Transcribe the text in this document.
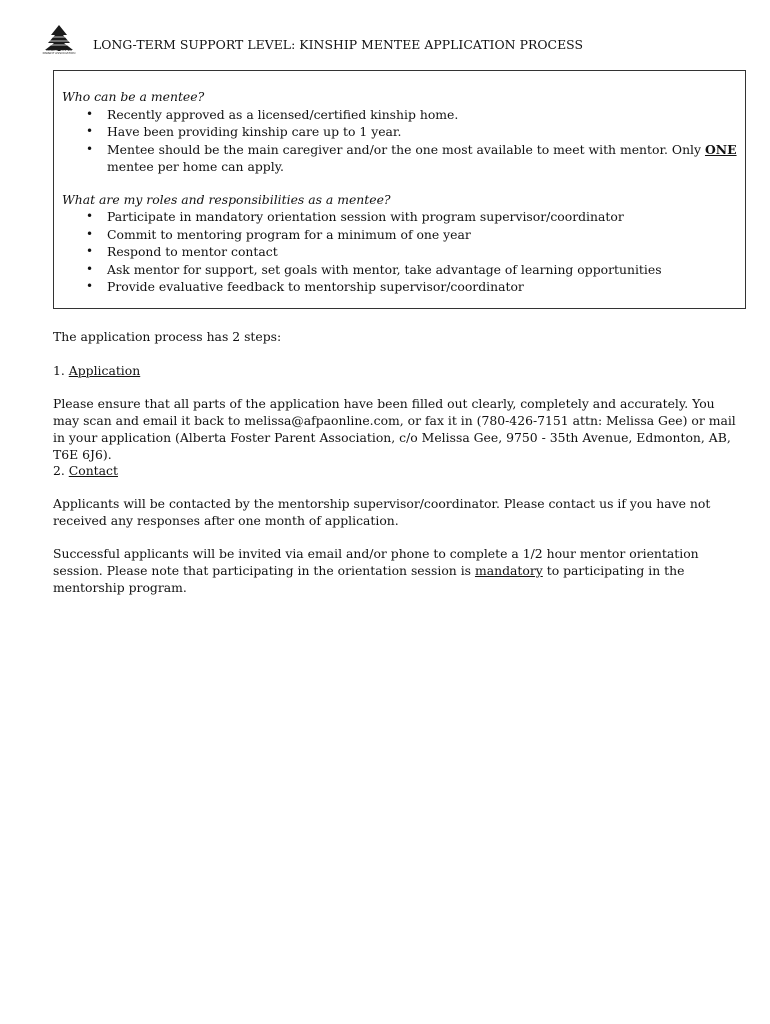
ALBERTA FOSTER PARENT ASSOCIATION
LONG-TERM SUPPORT LEVEL: KINSHIP MENTEE APPLICATION PROCESS

Who can be a mentee?

• Recently approved as a licensed/certified kinship home.
• Have been providing kinship care up to 1 year.
• Mentee should be the main caregiver and/or the one most available to meet with mentor. Only ONE mentee per home can apply.

What are my roles and responsibilities as a mentee?

• Participate in mandatory orientation session with program supervisor/coordinator
• Commit to mentoring program for a minimum of one year
• Respond to mentor contact
• Ask mentor for support, set goals with mentor, take advantage of learning opportunities
• Provide evaluative feedback to mentorship supervisor/coordinator
The application process has 2 steps:
1. Application
Please ensure that all parts of the application have been filled out clearly, completely and accurately. You may scan and email it back to melissa@afpaonline.com, or fax it in (780-426-7151 attn: Melissa Gee) or mail in your application (Alberta Foster Parent Association, c/o Melissa Gee, 9750 - 35th Avenue, Edmonton, AB, T6E 6J6).
2. Contact
Applicants will be contacted by the mentorship supervisor/coordinator. Please contact us if you have not received any responses after one month of application.
Successful applicants will be invited via email and/or phone to complete a 1/2 hour mentor orientation session. Please note that participating in the orientation session is mandatory to participating in the mentorship program.
